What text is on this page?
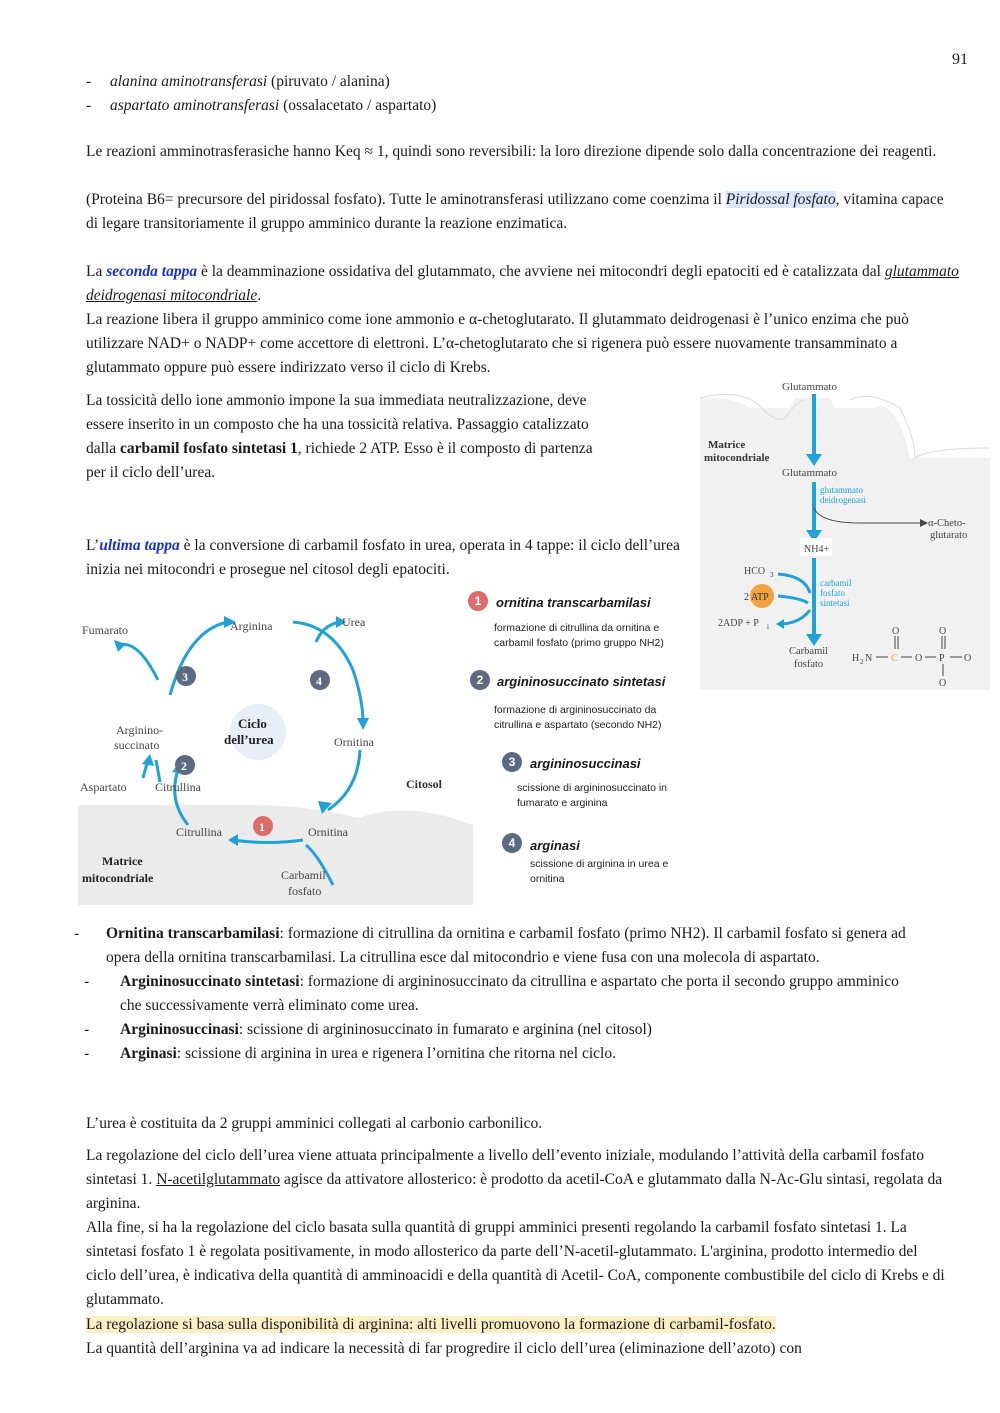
91
- alanina aminotransferasi (piruvato / alanina)
- aspartato aminotransferasi (ossalacetato / aspartato)
Le reazioni amminotrasferasiche hanno Keq ≈ 1, quindi sono reversibili: la loro direzione dipende solo dalla concentrazione dei reagenti.
(Proteina B6= precursore del piridossal fosfato). Tutte le aminotransferasi utilizzano come coenzima il Piridossal fosfato, vitamina capace di legare transitoriamente il gruppo amminico durante la reazione enzimatica.
La seconda tappa è la deamminazione ossidativa del glutammato, che avviene nei mitocondri degli epatociti ed è catalizzata dal glutammato deidrogenasi mitocondriale.
La reazione libera il gruppo amminico come ione ammonio e α-chetoglutarato. Il glutammato deidrogenasi è l’unico enzima che può utilizzare NAD+ o NADP+ come accettore di elettroni. L’α-chetoglutarato che si rigenera può essere nuovamente transamminato a glutammato oppure può essere indirizzato verso il ciclo di Krebs.
La tossicità dello ione ammonio impone la sua immediata neutralizzazione, deve essere inserito in un composto che ha una tossicità relativa. Passaggio catalizzato dalla carbamil fosfato sintetasi 1, richiede 2 ATP. Esso è il composto di partenza per il ciclo dell’urea.
L’ultima tappa è la conversione di carbamil fosfato in urea, operata in 4 tappe: il ciclo dell’urea inizia nei mitocondri e prosegue nel citosol degli epatociti.
Glutammato
Matrice
mitocondriale
Glutammato
glutammato
deidrogenasi
α-Cheto-
glutarato
NH4+
HCO 3
2 ATP
2ADP + P i
carbamil
fosfato
sintetasi
Carbamil
fosfato
H 2 N C
O
O P
O
O
O
Fumarato	Arginina	Urea
Arginino-
succinato
Ciclo
dell’urea	Ornitina
Aspartato Citrullina	Citosol
Citrullina	Ornitina
Matrice
mitocondriale	Carbamil
fosfato
3	4
2
1
1	ornitina transcarbamilasi
formazione di citrullina da ornitina e carbamil fosfato (primo gruppo NH2)
2	argininosuccinato sintetasi
formazione di argininosuccinato da citrullina e aspartato (secondo NH2)
3	argininosuccinasi
scissione di argininosuccinato in fumarato e arginina
4	arginasi
scissione di arginina in urea e ornitina
- Ornitina transcarbamilasi: formazione di citrullina da ornitina e carbamil fosfato (primo NH2). Il carbamil fosfato si genera ad opera della ornitina transcarbamilasi. La citrullina esce dal mitocondrio e viene fusa con una molecola di aspartato.
- Argininosuccinato sintetasi: formazione di argininosuccinato da citrullina e aspartato che porta il secondo gruppo amminico che successivamente verrà eliminato come urea.
- Argininosuccinasi: scissione di argininosuccinato in fumarato e arginina (nel citosol)
- Arginasi: scissione di arginina in urea e rigenera l’ornitina che ritorna nel ciclo.
L’urea è costituita da 2 gruppi amminici collegati al carbonio carbonilico.
La regolazione del ciclo dell’urea viene attuata principalmente a livello dell’evento iniziale, modulando l’attività della carbamil fosfato sintetasi 1. N-acetilglutammato agisce da attivatore allosterico: è prodotto da acetil-CoA e glutammato dalla N-Ac-Glu sintasi, regolata da arginina.
Alla fine, si ha la regolazione del ciclo basata sulla quantità di gruppi amminici presenti regolando la carbamil fosfato sintetasi 1. La sintetasi fosfato 1 è regolata positivamente, in modo allosterico da parte dell’N-acetil-glutammato. L'arginina, prodotto intermedio del ciclo dell’urea, è indicativa della quantità di amminoacidi e della quantità di Acetil- CoA, componente combustibile del ciclo di Krebs e di glutammato.
La regolazione si basa sulla disponibilità di arginina: alti livelli promuovono la formazione di carbamil-fosfato.
La quantità dell’arginina va ad indicare la necessità di far progredire il ciclo dell’urea (eliminazione dell’azoto) con
